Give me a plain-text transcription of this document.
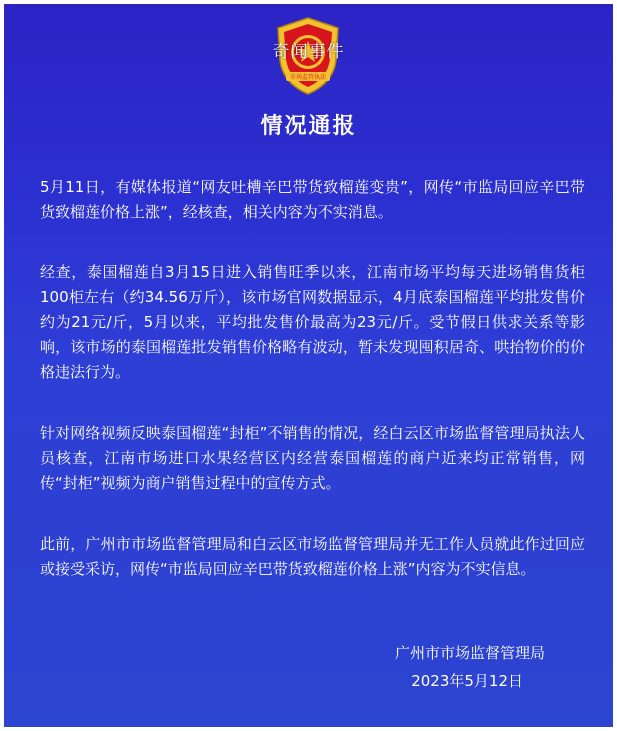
市场监管执法
奇闻事件
情况通报

5月11日，有媒体报道“网友吐槽辛巴带货致榴莲变贵”，网传“市监局回应辛巴带货致榴莲价格上涨”，经核查，相关内容为不实消息。

经查，泰国榴莲自3月15日进入销售旺季以来，江南市场平均每天进场销售货柜100柜左右（约34.56万斤），该市场官网数据显示，4月底泰国榴莲平均批发售价约为21元/斤，5月以来，平均批发售价最高为23元/斤。受节假日供求关系等影响，该市场的泰国榴莲批发销售价格略有波动，暂未发现囤积居奇、哄抬物价的价格违法行为。

针对网络视频反映泰国榴莲“封柜”不销售的情况，经白云区市场监督管理局执法人员核查，江南市场进口水果经营区内经营泰国榴莲的商户近来均正常销售，网传“封柜”视频为商户销售过程中的宣传方式。

此前，广州市市场监督管理局和白云区市场监督管理局并无工作人员就此作过回应或接受采访，网传“市监局回应辛巴带货致榴莲价格上涨”内容为不实信息。

广州市市场监督管理局
2023年5月12日
